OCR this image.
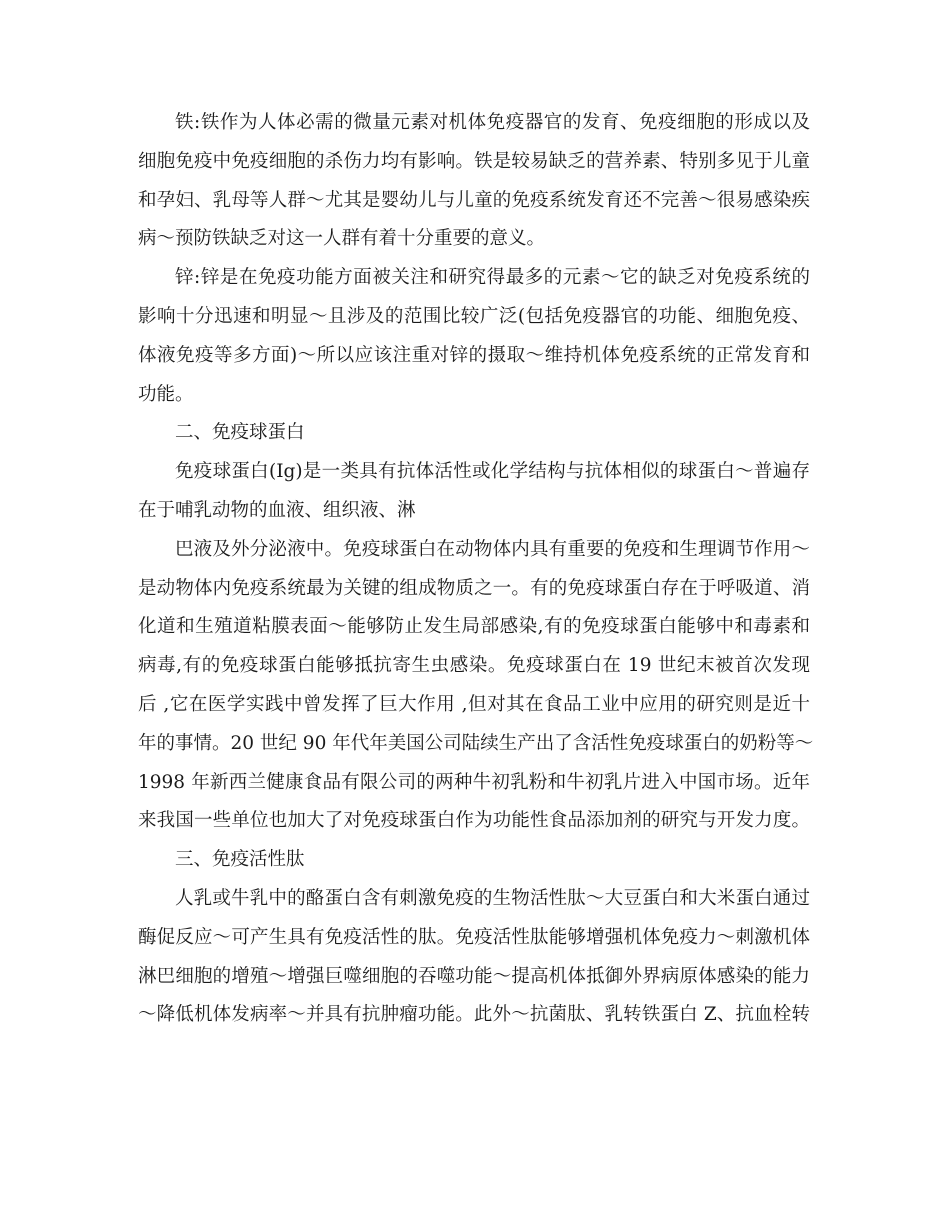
铁:铁作为人体必需的微量元素对机体免疫器官的发育、免疫细胞的形成以及
细胞免疫中免疫细胞的杀伤力均有影响。铁是较易缺乏的营养素、特别多见于儿童
和孕妇、乳母等人群～尤其是婴幼儿与儿童的免疫系统发育还不完善～很易感染疾
病～预防铁缺乏对这一人群有着十分重要的意义。
锌:锌是在免疫功能方面被关注和研究得最多的元素～它的缺乏对免疫系统的
影响十分迅速和明显～且涉及的范围比较广泛(包括免疫器官的功能、细胞免疫、
体液免疫等多方面)～所以应该注重对锌的摄取～维持机体免疫系统的正常发育和
功能。
二、免疫球蛋白
免疫球蛋白(Ig)是一类具有抗体活性或化学结构与抗体相似的球蛋白～普遍存
在于哺乳动物的血液、组织液、淋
巴液及外分泌液中。免疫球蛋白在动物体内具有重要的免疫和生理调节作用～
是动物体内免疫系统最为关键的组成物质之一。有的免疫球蛋白存在于呼吸道、消
化道和生殖道粘膜表面～能够防止发生局部感染,有的免疫球蛋白能够中和毒素和
病毒,有的免疫球蛋白能够抵抗寄生虫感染。免疫球蛋白在 19 世纪末被首次发现
后 ,它在医学实践中曾发挥了巨大作用 ,但对其在食品工业中应用的研究则是近十
年的事情。20 世纪 90 年代年美国公司陆续生产出了含活性免疫球蛋白的奶粉等～
1998 年新西兰健康食品有限公司的两种牛初乳粉和牛初乳片进入中国市场。近年
来我国一些单位也加大了对免疫球蛋白作为功能性食品添加剂的研究与开发力度。
三、免疫活性肽
人乳或牛乳中的酪蛋白含有刺激免疫的生物活性肽～大豆蛋白和大米蛋白通过
酶促反应～可产生具有免疫活性的肽。免疫活性肽能够增强机体免疫力～刺激机体
淋巴细胞的增殖～增强巨噬细胞的吞噬功能～提高机体抵御外界病原体感染的能力
～降低机体发病率～并具有抗肿瘤功能。此外～抗菌肽、乳转铁蛋白 Z、抗血栓转
